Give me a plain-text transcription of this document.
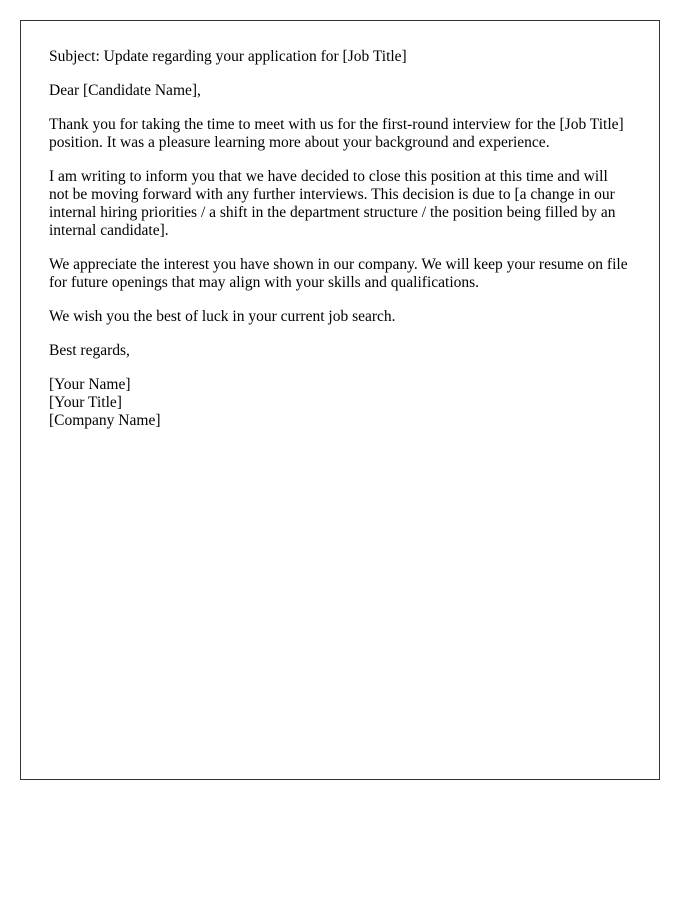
Subject: Update regarding your application for [Job Title]

Dear [Candidate Name],

Thank you for taking the time to meet with us for the first-round interview for the [Job Title] position. It was a pleasure learning more about your background and experience.

I am writing to inform you that we have decided to close this position at this time and will not be moving forward with any further interviews. This decision is due to [a change in our internal hiring priorities / a shift in the department structure / the position being filled by an internal candidate].

We appreciate the interest you have shown in our company. We will keep your resume on file for future openings that may align with your skills and qualifications.

We wish you the best of luck in your current job search.

Best regards,

[Your Name]
[Your Title]
[Company Name]
